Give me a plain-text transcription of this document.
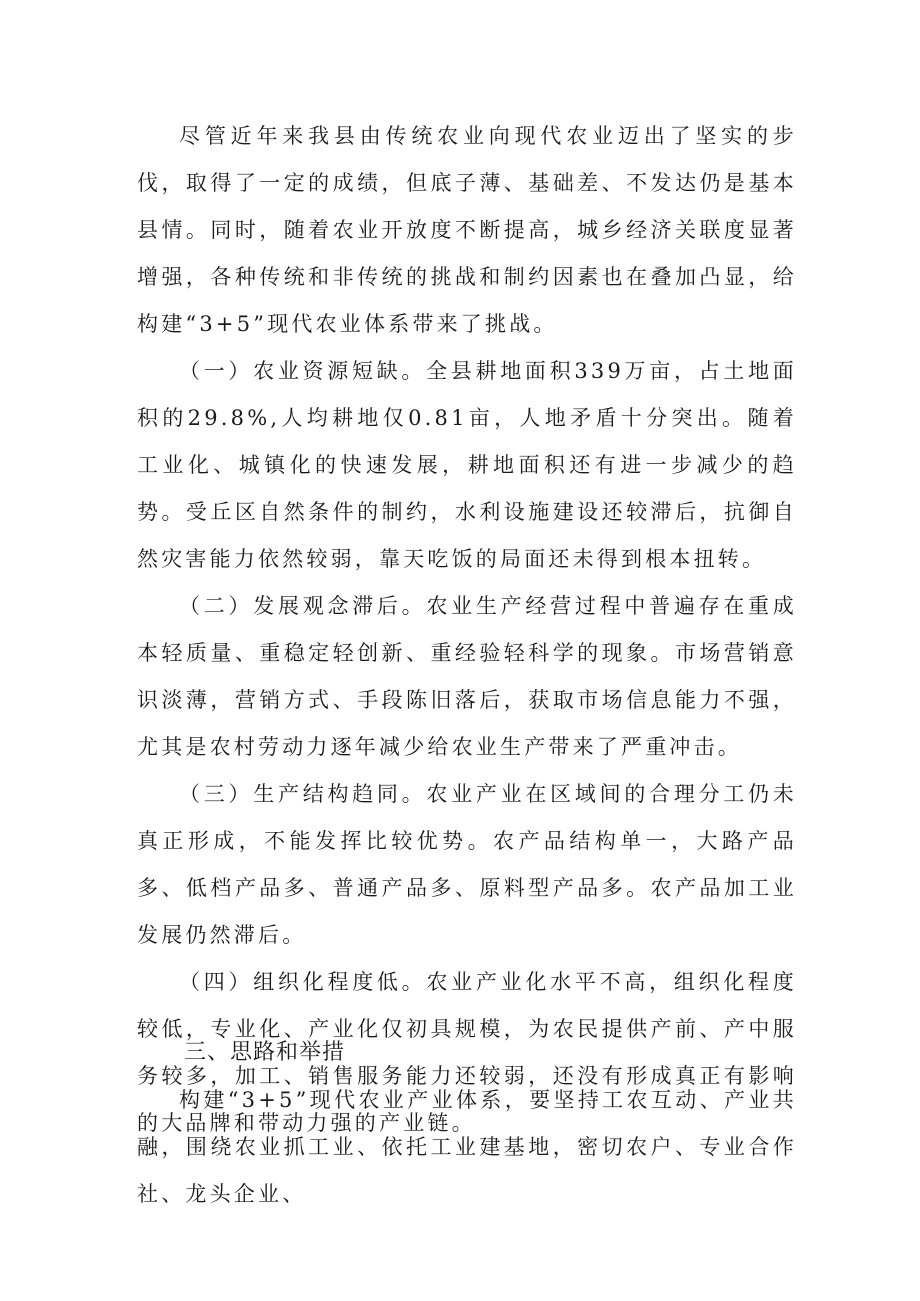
尽管近年来我县由传统农业向现代农业迈出了坚实的步伐，取得了一定的成绩，但底子薄、基础差、不发达仍是基本县情。同时，随着农业开放度不断提高，城乡经济关联度显著增强，各种传统和非传统的挑战和制约因素也在叠加凸显，给构建“3+5”现代农业体系带来了挑战。

（一）农业资源短缺。全县耕地面积339万亩，占土地面积的29.8%,人均耕地仅0.81亩，人地矛盾十分突出。随着工业化、城镇化的快速发展，耕地面积还有进一步减少的趋势。受丘区自然条件的制约，水利设施建设还较滞后，抗御自然灾害能力依然较弱，靠天吃饭的局面还未得到根本扭转。

（二）发展观念滞后。农业生产经营过程中普遍存在重成本轻质量、重稳定轻创新、重经验轻科学的现象。市场营销意识淡薄，营销方式、手段陈旧落后，获取市场信息能力不强，尤其是农村劳动力逐年减少给农业生产带来了严重冲击。

（三）生产结构趋同。农业产业在区域间的合理分工仍未真正形成，不能发挥比较优势。农产品结构单一，大路产品多、低档产品多、普通产品多、原料型产品多。农产品加工业发展仍然滞后。

（四）组织化程度低。农业产业化水平不高，组织化程度较低，专业化、产业化仅初具规模，为农民提供产前、产中服务较多，加工、销售服务能力还较弱，还没有形成真正有影响的大品牌和带动力强的产业链。

三、思路和举措

构建“3+5”现代农业产业体系，要坚持工农互动、产业共融，围绕农业抓工业、依托工业建基地，密切农户、专业合作社、龙头企业、
